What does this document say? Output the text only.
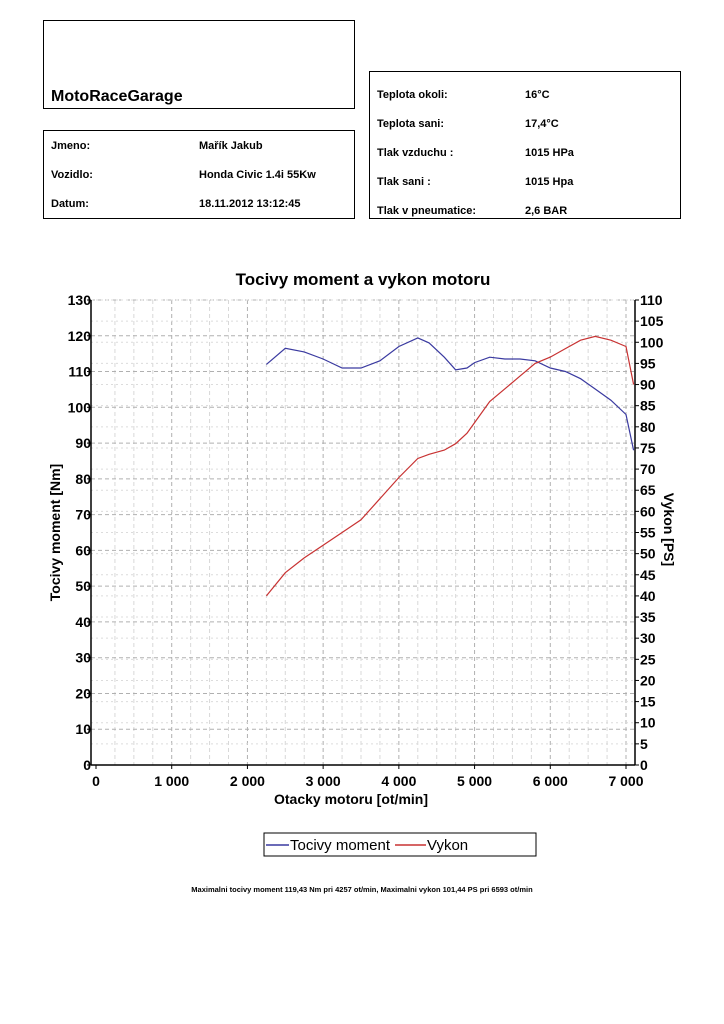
MotoRaceGarage
Jmeno:	Mařík Jakub
Vozidlo:	Honda Civic 1.4i 55Kw
Datum:	18.11.2012 13:12:45
Teplota okoli:	16°C
Teplota sani:	17,4°C
Tlak vzduchu :	1015 HPa
Tlak sani :	1015 Hpa
Tlak v pneumatice:	2,6 BAR
Tocivy moment a vykon motoru
0
10
20
30
40
50
60
70
80
90
100
110
120
130
0
5
10
15
20
25
30
35
40
45
50
55
60
65
70
75
80
85
90
95
100
105
110
0	1 000	2 000	3 000	4 000	5 000	6 000	7 000
Otacky motoru [ot/min]
Tocivy moment [Nm]	Vykon [PS]
Tocivy moment Vykon
Maximalni tocivy moment 119,43 Nm pri 4257 ot/min, Maximalni vykon 101,44 PS pri 6593 ot/min
